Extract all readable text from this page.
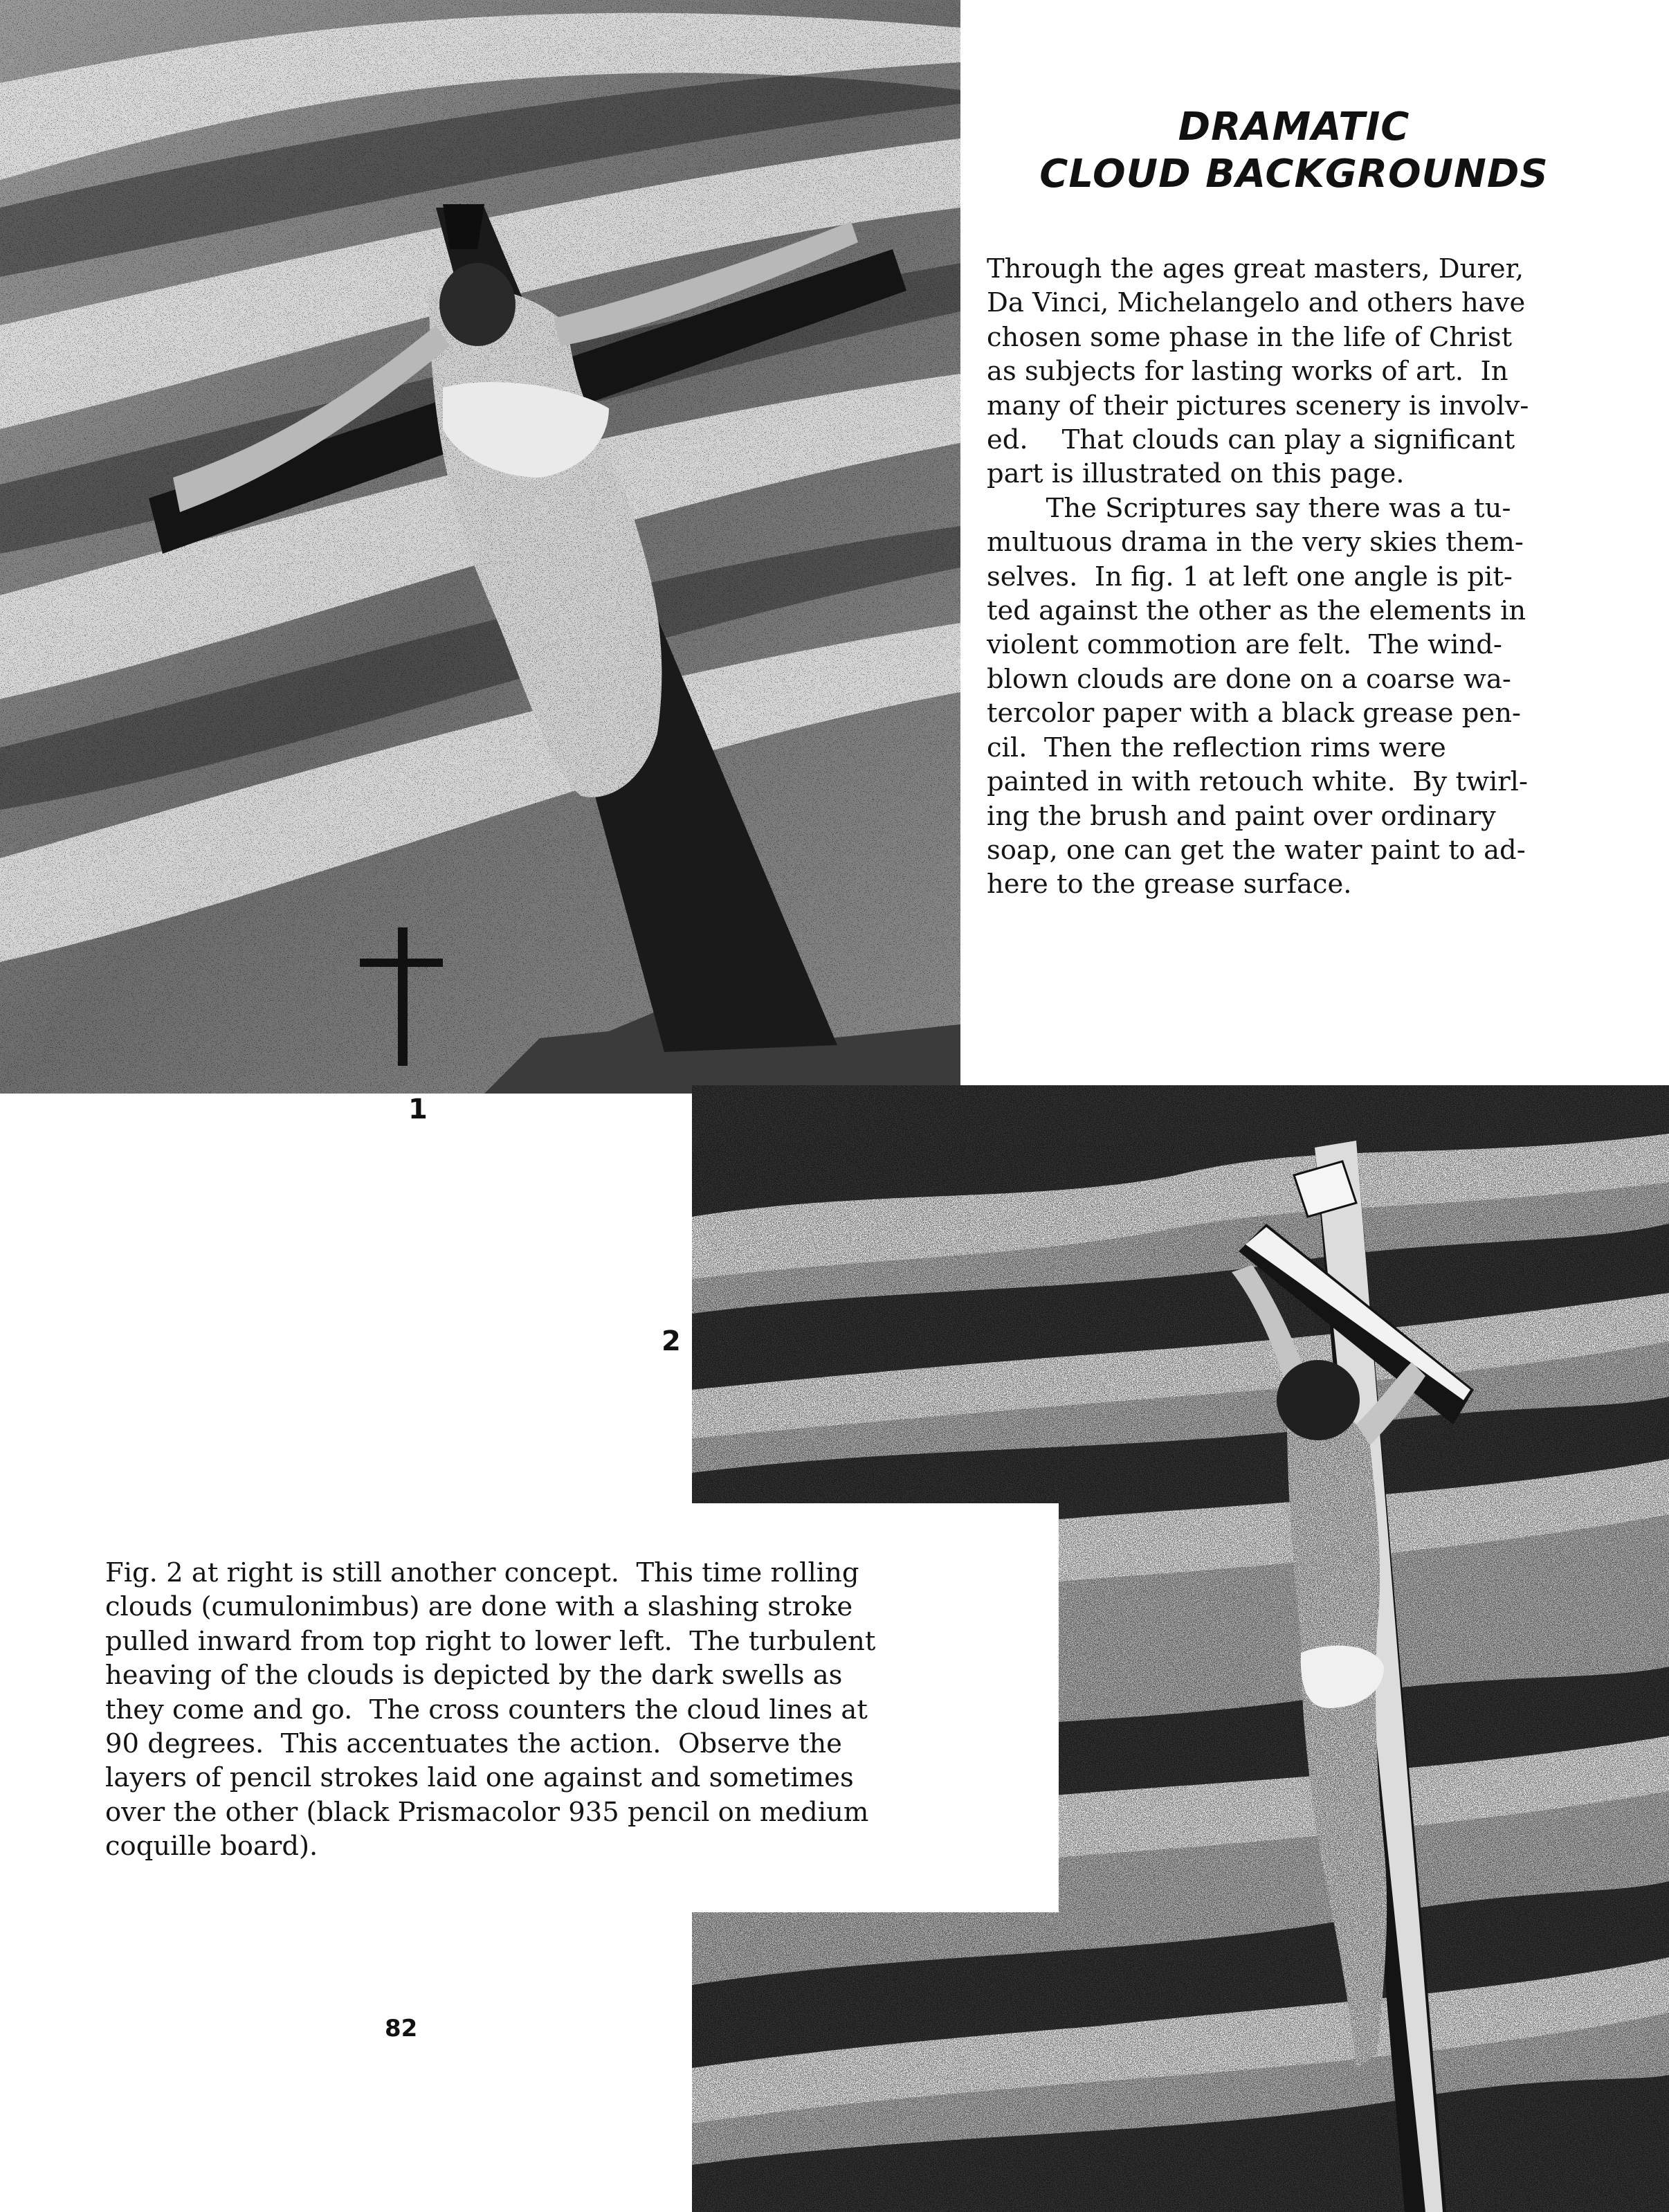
DRAMATIC
CLOUD BACKGROUNDS

Through the ages great masters, Durer,
Da Vinci, Michelangelo and others have
chosen some phase in the life of Christ
as subjects for lasting works of art.  In
many of their pictures scenery is involv-
ed.    That clouds can play a significant
part is illustrated on this page.
The Scriptures say there was a tu-
multuous drama in the very skies them-
selves.  In fig. 1 at left one angle is pit-
ted against the other as the elements in
violent commotion are felt.  The wind-
blown clouds are done on a coarse wa-
tercolor paper with a black grease pen-
cil.  Then the reflection rims were
painted in with retouch white.  By twirl-
ing the brush and paint over ordinary
soap, one can get the water paint to ad-
here to the grease surface.

1

2

Fig. 2 at right is still another concept.  This time rolling
clouds (cumulonimbus) are done with a slashing stroke
pulled inward from top right to lower left.  The turbulent
heaving of the clouds is depicted by the dark swells as
they come and go.  The cross counters the cloud lines at
90 degrees.  This accentuates the action.  Observe the
layers of pencil strokes laid one against and sometimes
over the other (black Prismacolor 935 pencil on medium
coquille board).

82
